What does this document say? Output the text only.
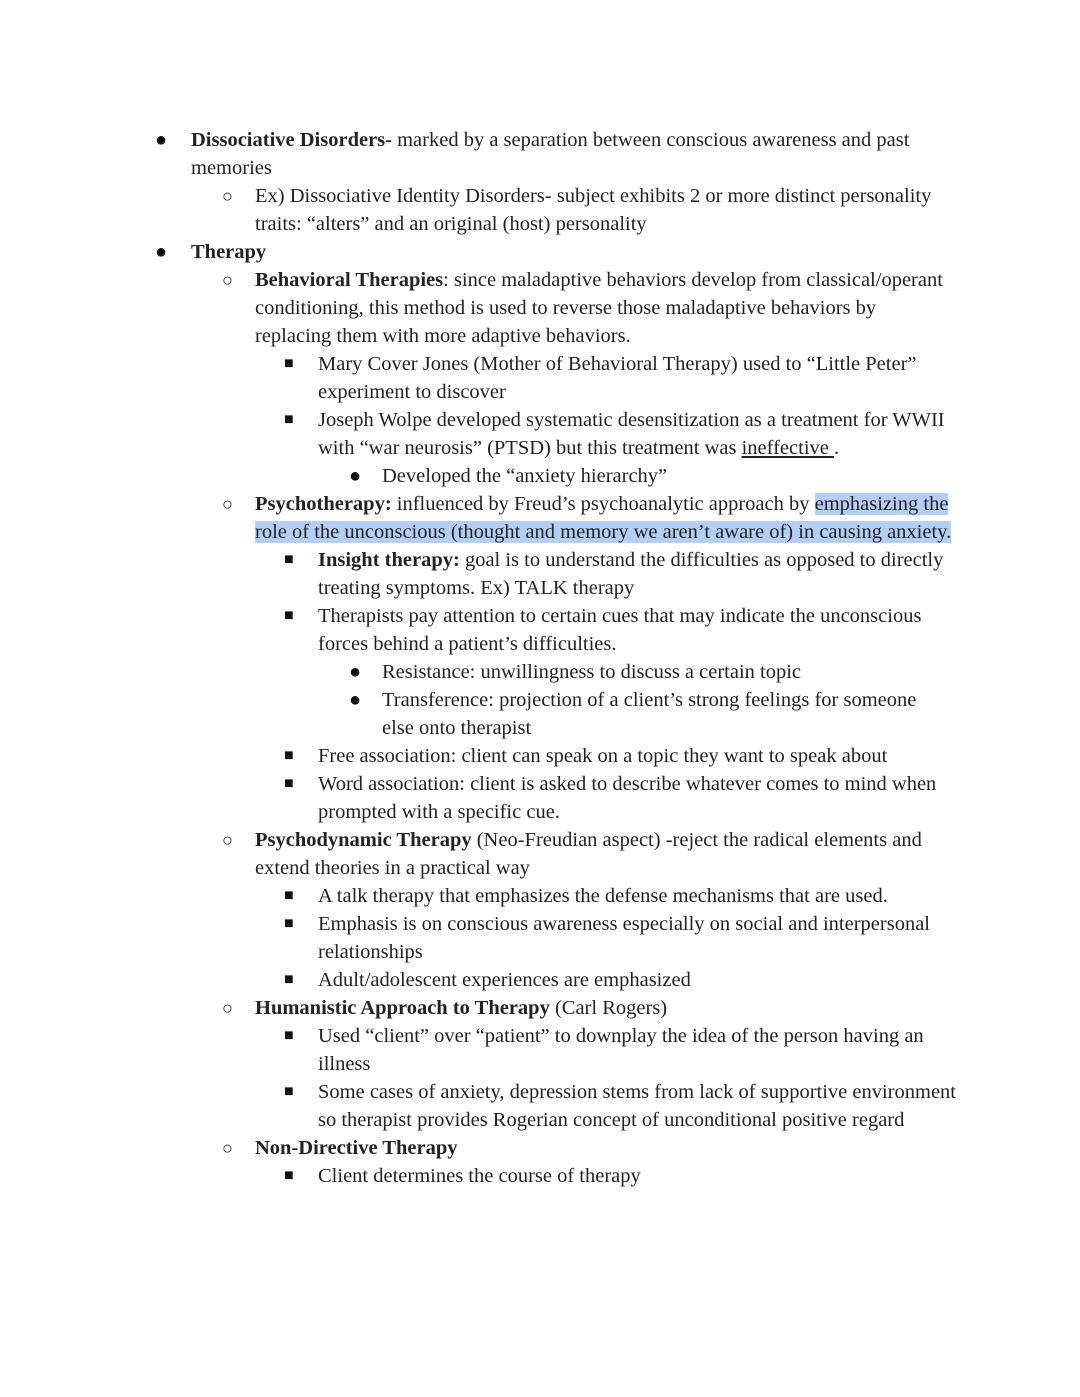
● Dissociative Disorders- marked by a separation between conscious awareness and past memories
○ Ex) Dissociative Identity Disorders- subject exhibits 2 or more distinct personality traits: “alters” and an original (host) personality
● Therapy
○ Behavioral Therapies: since maladaptive behaviors develop from classical/operant conditioning, this method is used to reverse those maladaptive behaviors by replacing them with more adaptive behaviors.
■ Mary Cover Jones (Mother of Behavioral Therapy) used to “Little Peter” experiment to discover
■ Joseph Wolpe developed systematic desensitization as a treatment for WWII with “war neurosis” (PTSD) but this treatment was ineffective .
● Developed the “anxiety hierarchy”
○ Psychotherapy: influenced by Freud’s psychoanalytic approach by emphasizing the role of the unconscious (thought and memory we aren’t aware of) in causing anxiety.
■ Insight therapy: goal is to understand the difficulties as opposed to directly treating symptoms. Ex) TALK therapy
■ Therapists pay attention to certain cues that may indicate the unconscious forces behind a patient’s difficulties.
● Resistance: unwillingness to discuss a certain topic
● Transference: projection of a client’s strong feelings for someone else onto therapist
■ Free association: client can speak on a topic they want to speak about
■ Word association: client is asked to describe whatever comes to mind when prompted with a specific cue.
○ Psychodynamic Therapy (Neo-Freudian aspect) -reject the radical elements and extend theories in a practical way
■ A talk therapy that emphasizes the defense mechanisms that are used.
■ Emphasis is on conscious awareness especially on social and interpersonal relationships
■ Adult/adolescent experiences are emphasized
○ Humanistic Approach to Therapy (Carl Rogers)
■ Used “client” over “patient” to downplay the idea of the person having an illness
■ Some cases of anxiety, depression stems from lack of supportive environment so therapist provides Rogerian concept of unconditional positive regard
○ Non-Directive Therapy
■ Client determines the course of therapy
